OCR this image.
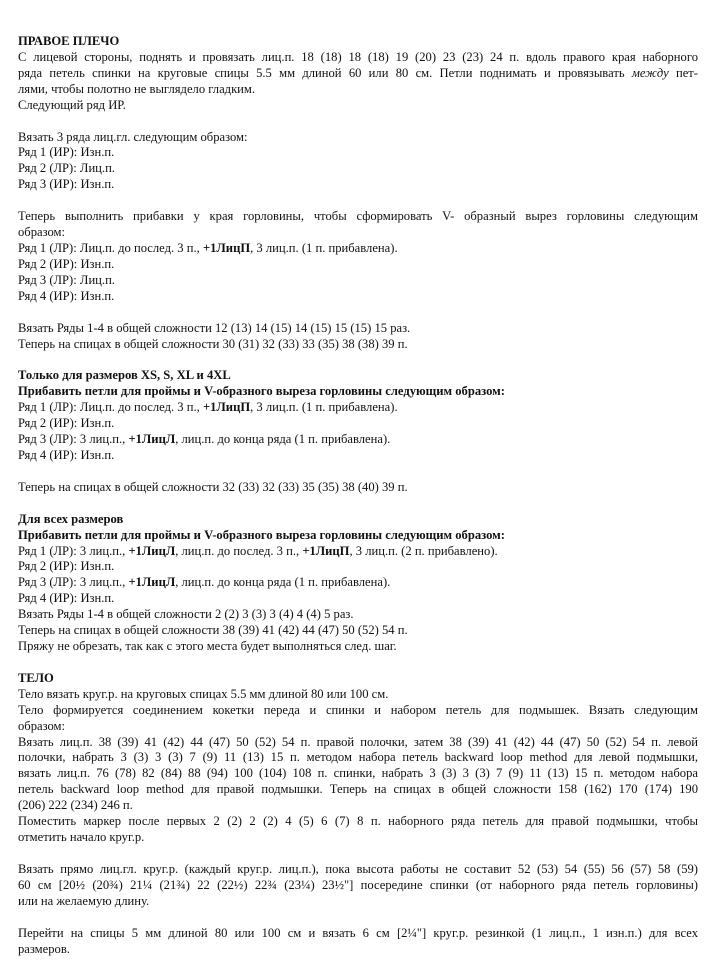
ПРАВОЕ ПЛЕЧО
С лицевой стороны, поднять и провязать лиц.п. 18 (18) 18 (18) 19 (20) 23 (23) 24 п. вдоль правого края наборного
ряда петель спинки на круговые спицы 5.5 мм длиной 60 или 80 см. Петли поднимать и провязывать между пет-
лями, чтобы полотно не выглядело гладким.
Следующий ряд ИР.
Вязать 3 ряда лиц.гл. следующим образом:
Ряд 1 (ИР): Изн.п.
Ряд 2 (ЛР): Лиц.п.
Ряд 3 (ИР): Изн.п.
Теперь выполнить прибавки у края горловины, чтобы сформировать V- образный вырез горловины следующим
образом:
Ряд 1 (ЛР): Лиц.п. до послед. 3 п., +1ЛицП, 3 лиц.п. (1 п. прибавлена).
Ряд 2 (ИР): Изн.п.
Ряд 3 (ЛР): Лиц.п.
Ряд 4 (ИР): Изн.п.
Вязать Ряды 1-4 в общей сложности 12 (13) 14 (15) 14 (15) 15 (15) 15 раз.
Теперь на спицах в общей сложности 30 (31) 32 (33) 33 (35) 38 (38) 39 п.
Только для размеров XS, S, XL и 4XL
Прибавить петли для проймы и V-образного выреза горловины следующим образом:
Ряд 1 (ЛР): Лиц.п. до послед. 3 п., +1ЛицП, 3 лиц.п. (1 п. прибавлена).
Ряд 2 (ИР): Изн.п.
Ряд 3 (ЛР): 3 лиц.п., +1ЛицЛ, лиц.п. до конца ряда (1 п. прибавлена).
Ряд 4 (ИР): Изн.п.
Теперь на спицах в общей сложности 32 (33) 32 (33) 35 (35) 38 (40) 39 п.
Для всех размеров
Прибавить петли для проймы и V-образного выреза горловины следующим образом:
Ряд 1 (ЛР): 3 лиц.п., +1ЛицЛ, лиц.п. до послед. 3 п., +1ЛицП, 3 лиц.п. (2 п. прибавлено).
Ряд 2 (ИР): Изн.п.
Ряд 3 (ЛР): 3 лиц.п., +1ЛицЛ, лиц.п. до конца ряда (1 п. прибавлена).
Ряд 4 (ИР): Изн.п.
Вязать Ряды 1-4 в общей сложности 2 (2) 3 (3) 3 (4) 4 (4) 5 раз.
Теперь на спицах в общей сложности 38 (39) 41 (42) 44 (47) 50 (52) 54 п.
Пряжу не обрезать, так как с этого места будет выполняться след. шаг.
ТЕЛО
Тело вязать круг.р. на круговых спицах 5.5 мм длиной 80 или 100 см.
Тело формируется соединением кокетки переда и спинки и набором петель для подмышек. Вязать следующим
образом:
Вязать лиц.п. 38 (39) 41 (42) 44 (47) 50 (52) 54 п. правой полочки, затем 38 (39) 41 (42) 44 (47) 50 (52) 54 п. левой
полочки, набрать 3 (3) 3 (3) 7 (9) 11 (13) 15 п. методом набора петель backward loop method для левой подмышки,
вязать лиц.п. 76 (78) 82 (84) 88 (94) 100 (104) 108 п. спинки, набрать 3 (3) 3 (3) 7 (9) 11 (13) 15 п. методом набора
петель backward loop method для правой подмышки. Теперь на спицах в общей сложности 158 (162) 170 (174) 190
(206) 222 (234) 246 п.
Поместить маркер после первых 2 (2) 2 (2) 4 (5) 6 (7) 8 п. наборного ряда петель для правой подмышки, чтобы
отметить начало круг.р.
Вязать прямо лиц.гл. круг.р. (каждый круг.р. лиц.п.), пока высота работы не составит 52 (53) 54 (55) 56 (57) 58 (59)
60 см [20½ (20¾) 21¼ (21¾) 22 (22½) 22¾ (23¼) 23½"] посередине спинки (от наборного ряда петель горловины)
или на желаемую длину.
Перейти на спицы 5 мм длиной 80 или 100 см и вязать 6 см [2¼"] круг.р. резинкой (1 лиц.п., 1 изн.п.) для всех
размеров.
